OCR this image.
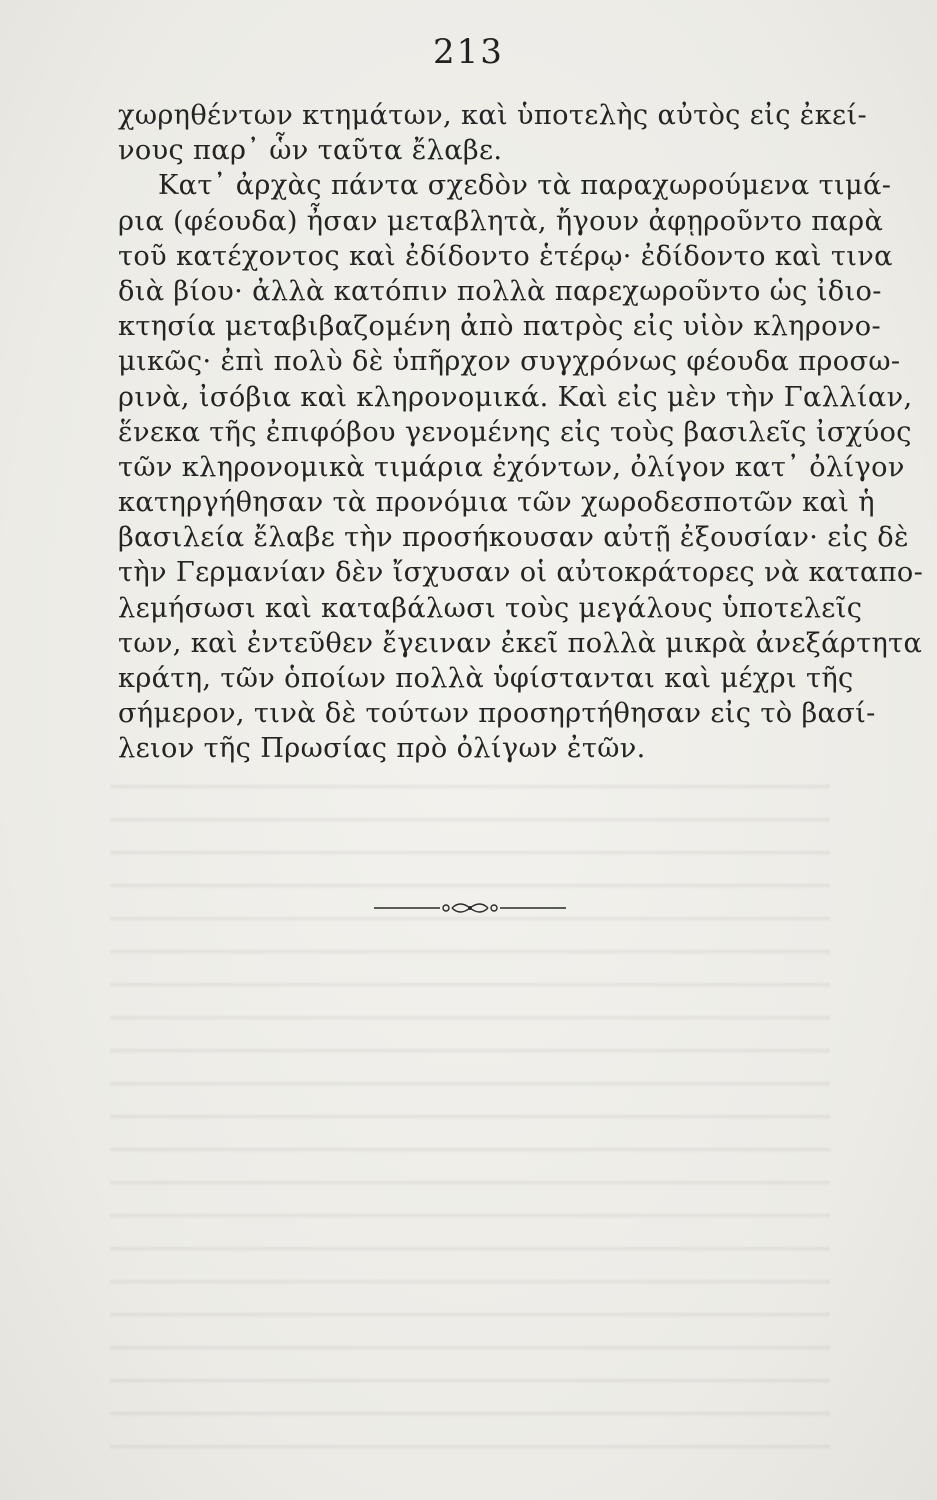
213
χωρηθέντων κτημάτων, καὶ ὑποτελὴς αὐτὸς εἰς ἐκεί-
νους παρ᾽ ὧν ταῦτα ἔλαβε.
Κατ᾽ ἀρχὰς πάντα σχεδὸν τὰ παραχωρούμενα τιμά-
ρια (φέουδα) ἦσαν μεταβλητὰ, ἤγουν ἀφῃροῦντο παρὰ
τοῦ κατέχοντος καὶ ἐδίδοντο ἑτέρῳ· ἐδίδοντο καὶ τινα
διὰ βίου· ἀλλὰ κατόπιν πολλὰ παρεχωροῦντο ὡς ἰδιο-
κτησία μεταβιβαζομένη ἀπὸ πατρὸς εἰς υἱὸν κληρονο-
μικῶς· ἐπὶ πολὺ δὲ ὑπῆρχον συγχρόνως φέουδα προσω-
ρινὰ, ἰσόβια καὶ κληρονομικά. Καὶ εἰς μὲν τὴν Γαλλίαν,
ἕνεκα τῆς ἐπιφόβου γενομένης εἰς τοὺς βασιλεῖς ἰσχύος
τῶν κληρονομικὰ τιμάρια ἐχόντων, ὀλίγον κατ᾽ ὀλίγον
κατηργήθησαν τὰ προνόμια τῶν χωροδεσποτῶν καὶ ἡ
βασιλεία ἔλαβε τὴν προσήκουσαν αὐτῇ ἐξουσίαν· εἰς δὲ
τὴν Γερμανίαν δὲν ἴσχυσαν οἱ αὐτοκράτορες νὰ καταπο-
λεμήσωσι καὶ καταβάλωσι τοὺς μεγάλους ὑποτελεῖς
των, καὶ ἐντεῦθεν ἔγειναν ἐκεῖ πολλὰ μικρὰ ἀνεξάρτητα
κράτη, τῶν ὁποίων πολλὰ ὑφίστανται καὶ μέχρι τῆς
σήμερον, τινὰ δὲ τούτων προσηρτήθησαν εἰς τὸ βασί-
λειον τῆς Πρωσίας πρὸ ὀλίγων ἐτῶν.
